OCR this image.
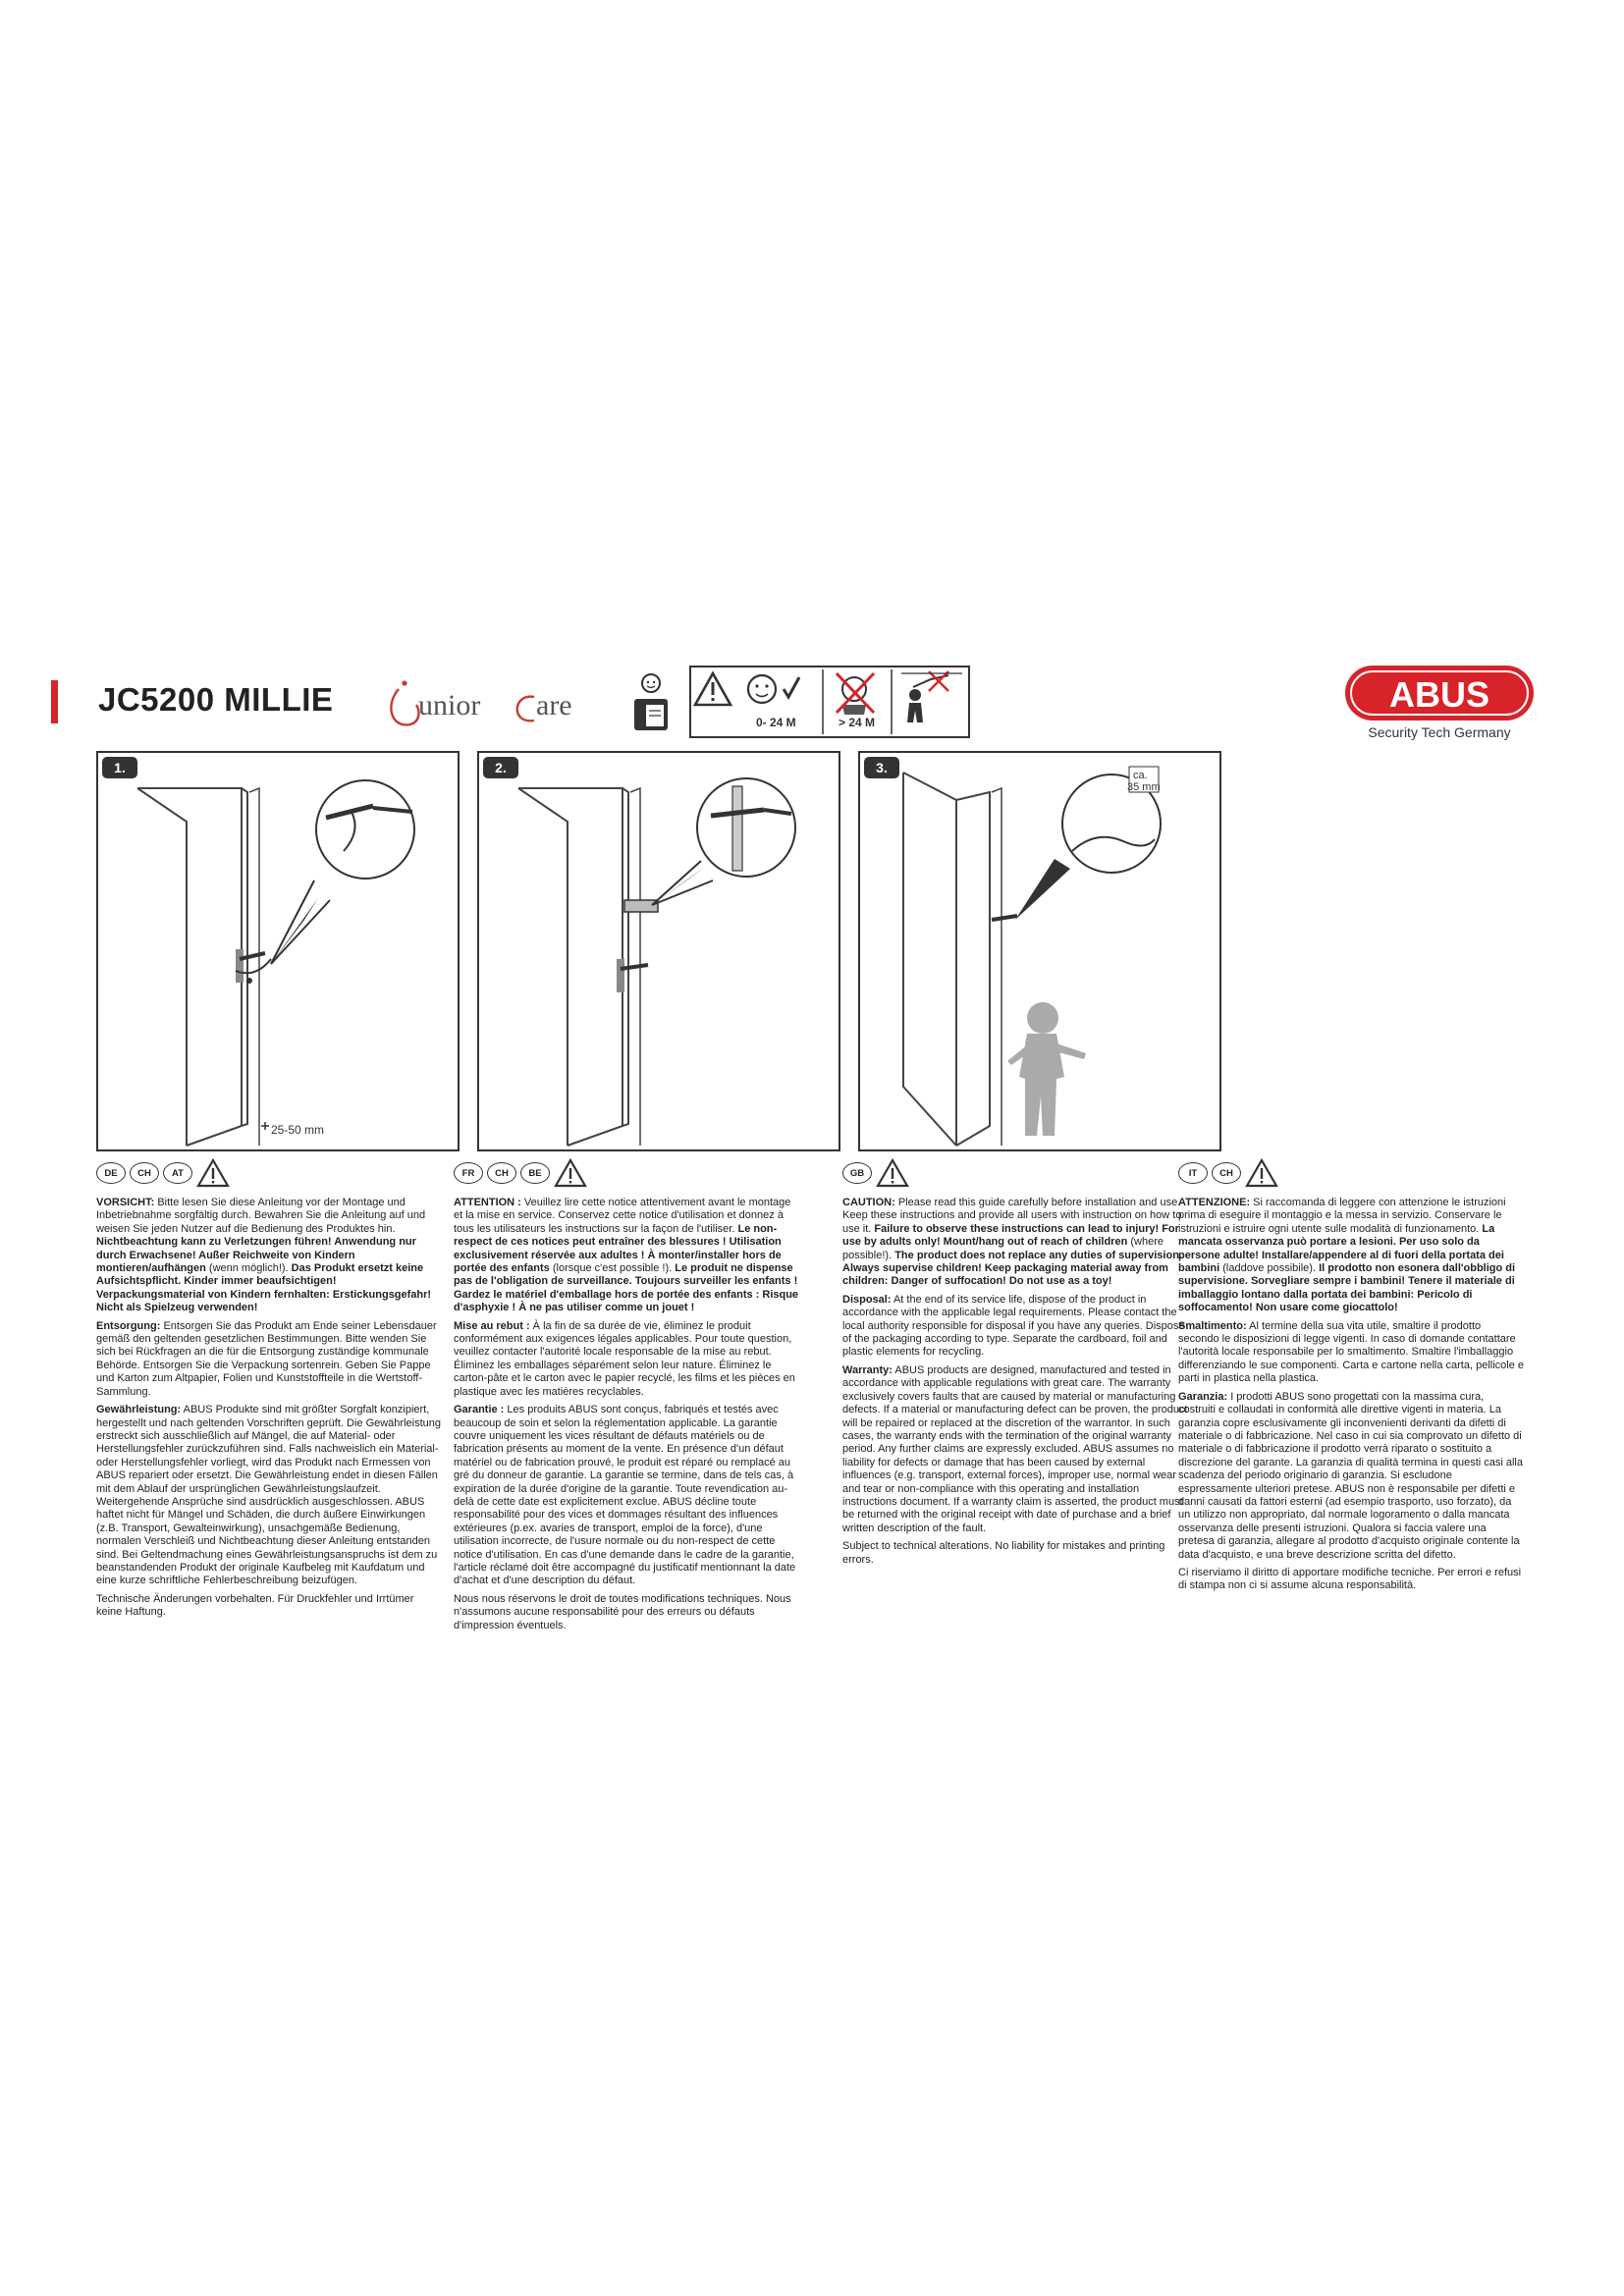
JC5200 MILLIE	unior are
0- 24 M	> 24 M
ABUS
Security Tech Germany
1.
25-50 mm
2.	3.	ca.
35 mm
DE	CH	AT

VORSICHT: Bitte lesen Sie diese Anleitung vor der Montage und Inbetriebnahme sorgfältig durch. Bewahren Sie die Anleitung auf und weisen Sie jeden Nutzer auf die Bedienung des Produktes hin. Nichtbeachtung kann zu Verletzungen führen! Anwendung nur durch Erwachsene! Außer Reichweite von Kindern montieren/aufhängen (wenn möglich!). Das Produkt ersetzt keine Aufsichtspflicht. Kinder immer beaufsichtigen! Verpackungsmaterial von Kindern fernhalten: Erstickungsgefahr! Nicht als Spielzeug verwenden!

Entsorgung: Entsorgen Sie das Produkt am Ende seiner Lebensdauer gemäß den geltenden gesetzlichen Bestimmungen. Bitte wenden Sie sich bei Rückfragen an die für die Entsorgung zuständige kommunale Behörde. Entsorgen Sie die Verpackung sortenrein. Geben Sie Pappe und Karton zum Altpapier, Folien und Kunststoffteile in die Wertstoff-Sammlung.

Gewährleistung: ABUS Produkte sind mit größter Sorgfalt konzipiert, hergestellt und nach geltenden Vorschriften geprüft. Die Gewährleistung erstreckt sich ausschließlich auf Mängel, die auf Material- oder Herstellungsfehler zurückzuführen sind. Falls nachweislich ein Material- oder Herstellungsfehler vorliegt, wird das Produkt nach Ermessen von ABUS repariert oder ersetzt. Die Gewährleistung endet in diesen Fällen mit dem Ablauf der ursprünglichen Gewährleistungslaufzeit. Weitergehende Ansprüche sind ausdrücklich ausgeschlossen. ABUS haftet nicht für Mängel und Schäden, die durch äußere Einwirkungen (z.B. Transport, Gewalteinwirkung), unsachgemäße Bedienung, normalen Verschleiß und Nichtbeachtung dieser Anleitung entstanden sind. Bei Geltendmachung eines Gewährleistungsanspruchs ist dem zu beanstandenden Produkt der originale Kaufbeleg mit Kaufdatum und eine kurze schriftliche Fehlerbeschreibung beizufügen.

Technische Änderungen vorbehalten. Für Druckfehler und Irrtümer keine Haftung.

FR	CH	BE

ATTENTION : Veuillez lire cette notice attentivement avant le montage et la mise en service. Conservez cette notice d'utilisation et donnez à tous les utilisateurs les instructions sur la façon de l'utiliser. Le non-respect de ces notices peut entraîner des blessures ! Utilisation exclusivement réservée aux adultes ! À monter/installer hors de portée des enfants (lorsque c'est possible !). Le produit ne dispense pas de l'obligation de surveillance. Toujours surveiller les enfants ! Gardez le matériel d'emballage hors de portée des enfants : Risque d'asphyxie ! À ne pas utiliser comme un jouet !

Mise au rebut : À la fin de sa durée de vie, éliminez le produit conformément aux exigences légales applicables. Pour toute question, veuillez contacter l'autorité locale responsable de la mise au rebut. Éliminez les emballages séparément selon leur nature. Éliminez le carton-pâte et le carton avec le papier recyclé, les films et les pièces en plastique avec les matières recyclables.

Garantie : Les produits ABUS sont conçus, fabriqués et testés avec beaucoup de soin et selon la réglementation applicable. La garantie couvre uniquement les vices résultant de défauts matériels ou de fabrication présents au moment de la vente. En présence d'un défaut matériel ou de fabrication prouvé, le produit est réparé ou remplacé au gré du donneur de garantie. La garantie se termine, dans de tels cas, à expiration de la durée d'origine de la garantie. Toute revendication au-delà de cette date est explicitement exclue. ABUS décline toute responsabilité pour des vices et dommages résultant des influences extérieures (p.ex. avaries de transport, emploi de la force), d'une utilisation incorrecte, de l'usure normale ou du non-respect de cette notice d'utilisation. En cas d'une demande dans le cadre de la garantie, l'article réclamé doit être accompagné du justificatif mentionnant la date d'achat et d'une description du défaut.

Nous nous réservons le droit de toutes modifications techniques. Nous n'assumons aucune responsabilité pour des erreurs ou défauts d'impression éventuels.

GB

CAUTION: Please read this guide carefully before installation and use. Keep these instructions and provide all users with instruction on how to use it. Failure to observe these instructions can lead to injury! For use by adults only! Mount/hang out of reach of children (where possible!). The product does not replace any duties of supervision. Always supervise children! Keep packaging material away from children: Danger of suffocation! Do not use as a toy!

Disposal: At the end of its service life, dispose of the product in accordance with the applicable legal requirements. Please contact the local authority responsible for disposal if you have any queries. Dispose of the packaging according to type. Separate the cardboard, foil and plastic elements for recycling.

Warranty: ABUS products are designed, manufactured and tested in accordance with applicable regulations with great care. The warranty exclusively covers faults that are caused by material or manufacturing defects. If a material or manufacturing defect can be proven, the product will be repaired or replaced at the discretion of the warrantor. In such cases, the warranty ends with the termination of the original warranty period. Any further claims are expressly excluded. ABUS assumes no liability for defects or damage that has been caused by external influences (e.g. transport, external forces), improper use, normal wear and tear or non-compliance with this operating and installation instructions document. If a warranty claim is asserted, the product must be returned with the original receipt with date of purchase and a brief written description of the fault.

Subject to technical alterations. No liability for mistakes and printing errors.

IT	CH

ATTENZIONE: Si raccomanda di leggere con attenzione le istruzioni prima di eseguire il montaggio e la messa in servizio. Conservare le istruzioni e istruire ogni utente sulle modalità di funzionamento. La mancata osservanza può portare a lesioni. Per uso solo da persone adulte! Installare/appendere al di fuori della portata dei bambini (laddove possibile). Il prodotto non esonera dall'obbligo di supervisione. Sorvegliare sempre i bambini! Tenere il materiale di imballaggio lontano dalla portata dei bambini: Pericolo di soffocamento! Non usare come giocattolo!

Smaltimento: Al termine della sua vita utile, smaltire il prodotto secondo le disposizioni di legge vigenti. In caso di domande contattare l'autorità locale responsabile per lo smaltimento. Smaltire l'imballaggio differenziando le sue componenti. Carta e cartone nella carta, pellicole e parti in plastica nella plastica.

Garanzia: I prodotti ABUS sono progettati con la massima cura, costruiti e collaudati in conformità alle direttive vigenti in materia. La garanzia copre esclusivamente gli inconvenienti derivanti da difetti di materiale o di fabbricazione. Nel caso in cui sia comprovato un difetto di materiale o di fabbricazione il prodotto verrà riparato o sostituito a discrezione del garante. La garanzia di qualità termina in questi casi alla scadenza del periodo originario di garanzia. Si escludone espressamente ulteriori pretese. ABUS non è responsabile per difetti e danni causati da fattori esterni (ad esempio trasporto, uso forzato), da un utilizzo non appropriato, dal normale logoramento o dalla mancata osservanza delle presenti istruzioni. Qualora si faccia valere una pretesa di garanzia, allegare al prodotto d'acquisto originale contente la data d'acquisto, e una breve descrizione scritta del difetto.

Ci riserviamo il diritto di apportare modifiche tecniche. Per errori e refusi di stampa non ci si assume alcuna responsabilità.
